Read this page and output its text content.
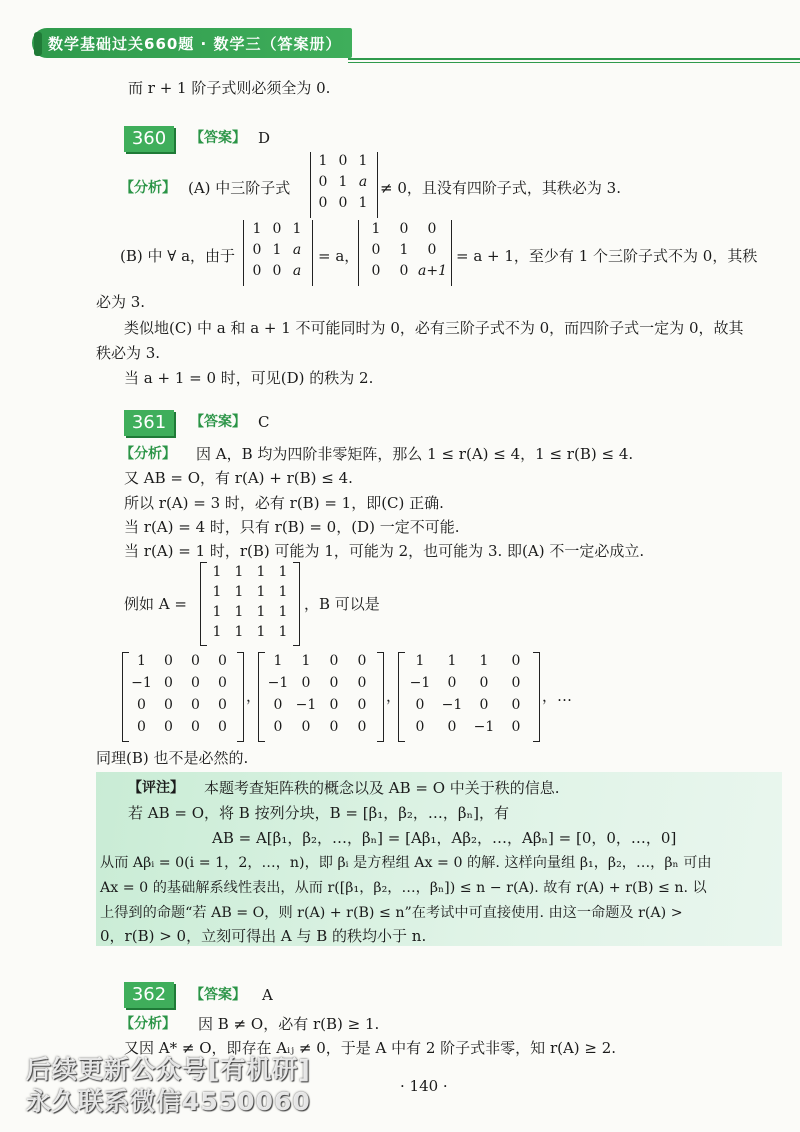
数学基础过关660题 · 数学三（答案册）
而 r + 1 阶子式则必须全为 0.
360	【答案】 D
【分析】 (A) 中三阶子式
1 0 1
0 1 a
0 0 1
≠ 0，且没有四阶子式，其秩必为 3.
(B) 中 ∀ a，由于
1 0 1
0 1 a
0 0 a
= a，
1	0	0
0	1	0
0	0 a+1
= a + 1，至少有 1 个三阶子式不为 0，其秩
必为 3.
类似地(C) 中 a 和 a + 1 不可能同时为 0，必有三阶子式不为 0，而四阶子式一定为 0，故其
秩必为 3.
当 a + 1 = 0 时，可见(D) 的秩为 2.
361	【答案】 C
【分析】 因 A，B 均为四阶非零矩阵，那么 1 ≤ r(A) ≤ 4，1 ≤ r(B) ≤ 4.
又 AB = O，有 r(A) + r(B) ≤ 4.
所以 r(A) = 3 时，必有 r(B) = 1，即(C) 正确.
当 r(A) = 4 时，只有 r(B) = 0，(D) 一定不可能.
当 r(A) = 1 时，r(B) 可能为 1，可能为 2，也可能为 3. 即(A) 不一定必成立.
例如 A =
1 1 1 1
1 1 1 1
1 1 1 1
1 1 1 1
，B 可以是
1	0	0	0
−1 0	0	0
0	0	0	0
0	0	0	0
，
1	1	0	0
−1 0	0	0
0 −1 0	0
0	0	0	0
，
1	1	1	0
−1	0	0	0
0	−1	0	0
0	0	−1	0
，…
同理(B) 也不是必然的.
【评注】 本题考查矩阵秩的概念以及 AB = O 中关于秩的信息.
若 AB = O，将 B 按列分块，B = [β₁，β₂，…，βₙ]，有
AB = A[β₁，β₂，…，βₙ] = [Aβ₁，Aβ₂，…，Aβₙ] = [0，0，…，0]
从而 Aβᵢ = 0(i = 1，2，…，n)，即 βᵢ 是方程组 Ax = 0 的解. 这样向量组 β₁，β₂，…，βₙ 可由
Ax = 0 的基础解系线性表出，从而 r([β₁，β₂，…，βₙ]) ≤ n − r(A). 故有 r(A) + r(B) ≤ n. 以
上得到的命题“若 AB = O，则 r(A) + r(B) ≤ n”在考试中可直接使用. 由这一命题及 r(A) >
0，r(B) > 0，立刻可得出 A 与 B 的秩均小于 n.
362	【答案】 A
【分析】 因 B ≠ O，必有 r(B) ≥ 1.
又因 A* ≠ O，即存在 Aᵢⱼ ≠ 0，于是 A 中有 2 阶子式非零，知 r(A) ≥ 2.
后续更新公众号[有机研]
永久联系微信4550060
· 140 ·
